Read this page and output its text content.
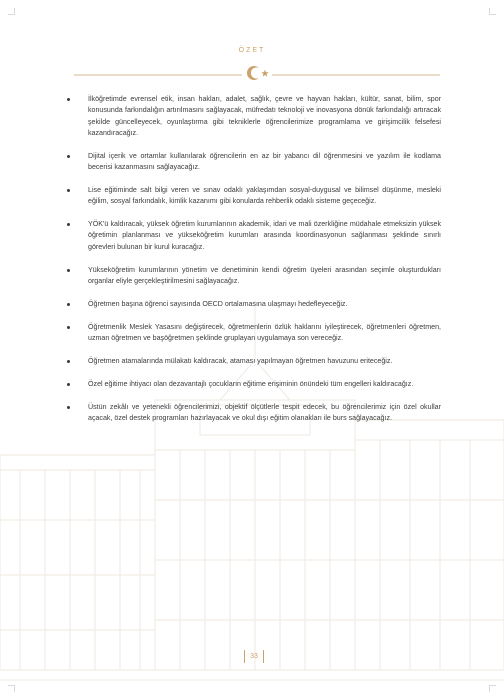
ÖZET
İlköğretimde evrensel etik, insan hakları, adalet, sağlık, çevre ve hayvan hakları, kültür, sanat, bilim, spor konusunda farkındalığın artırılmasını sağlayacak, müfredatı teknoloji ve inovasyona dönük farkındalığı artıracak şekilde güncelleyecek, oyunlaştırma gibi tekniklerle öğrencilerimize programlama ve girişimcilik felsefesi kazandıracağız.
Dijital içerik ve ortamlar kullanılarak öğrencilerin en az bir yabancı dil öğrenmesini ve yazılım ile kodlama becerisi kazanmasını sağlayacağız.
Lise eğitiminde salt bilgi veren ve sınav odaklı yaklaşımdan sosyal-duygusal ve bilimsel düşünme, mesleki eğilim, sosyal farkındalık, kimlik kazanımı gibi konularda rehberlik odaklı sisteme geçeceğiz.
YÖK'ü kaldıracak, yüksek öğretim kurumlarının akademik, idari ve mali özerkliğine müdahale etmeksizin yüksek öğretimin planlanması ve yükseköğretim kurumları arasında koordinasyonun sağlanması şeklinde sınırlı görevleri bulunan bir kurul kuracağız.
Yükseköğretim kurumlarının yönetim ve denetiminin kendi öğretim üyeleri arasından seçimle oluşturdukları organlar eliyle gerçekleştirilmesini sağlayacağız.
Öğretmen başına öğrenci sayısında OECD ortalamasına ulaşmayı hedefleyeceğiz.
Öğretmenlik Meslek Yasasını değiştirecek, öğretmenlerin özlük haklarını iyileştirecek, öğretmenleri öğretmen, uzman öğretmen ve başöğretmen şeklinde gruplayan uygulamaya son vereceğiz.
Öğretmen atamalarında mülakatı kaldıracak, ataması yapılmayan öğretmen havuzunu eriteceğiz.
Özel eğitime ihtiyacı olan dezavantajlı çocukların eğitime erişiminin önündeki tüm engelleri kaldıracağız.
Üstün zekâlı ve yetenekli öğrencilerimizi, objektif ölçütlerle tespit edecek, bu öğrencilerimiz için özel okullar açacak, özel destek programları hazırlayacak ve okul dışı eğitim olanakları ile burs sağlayacağız.
33
